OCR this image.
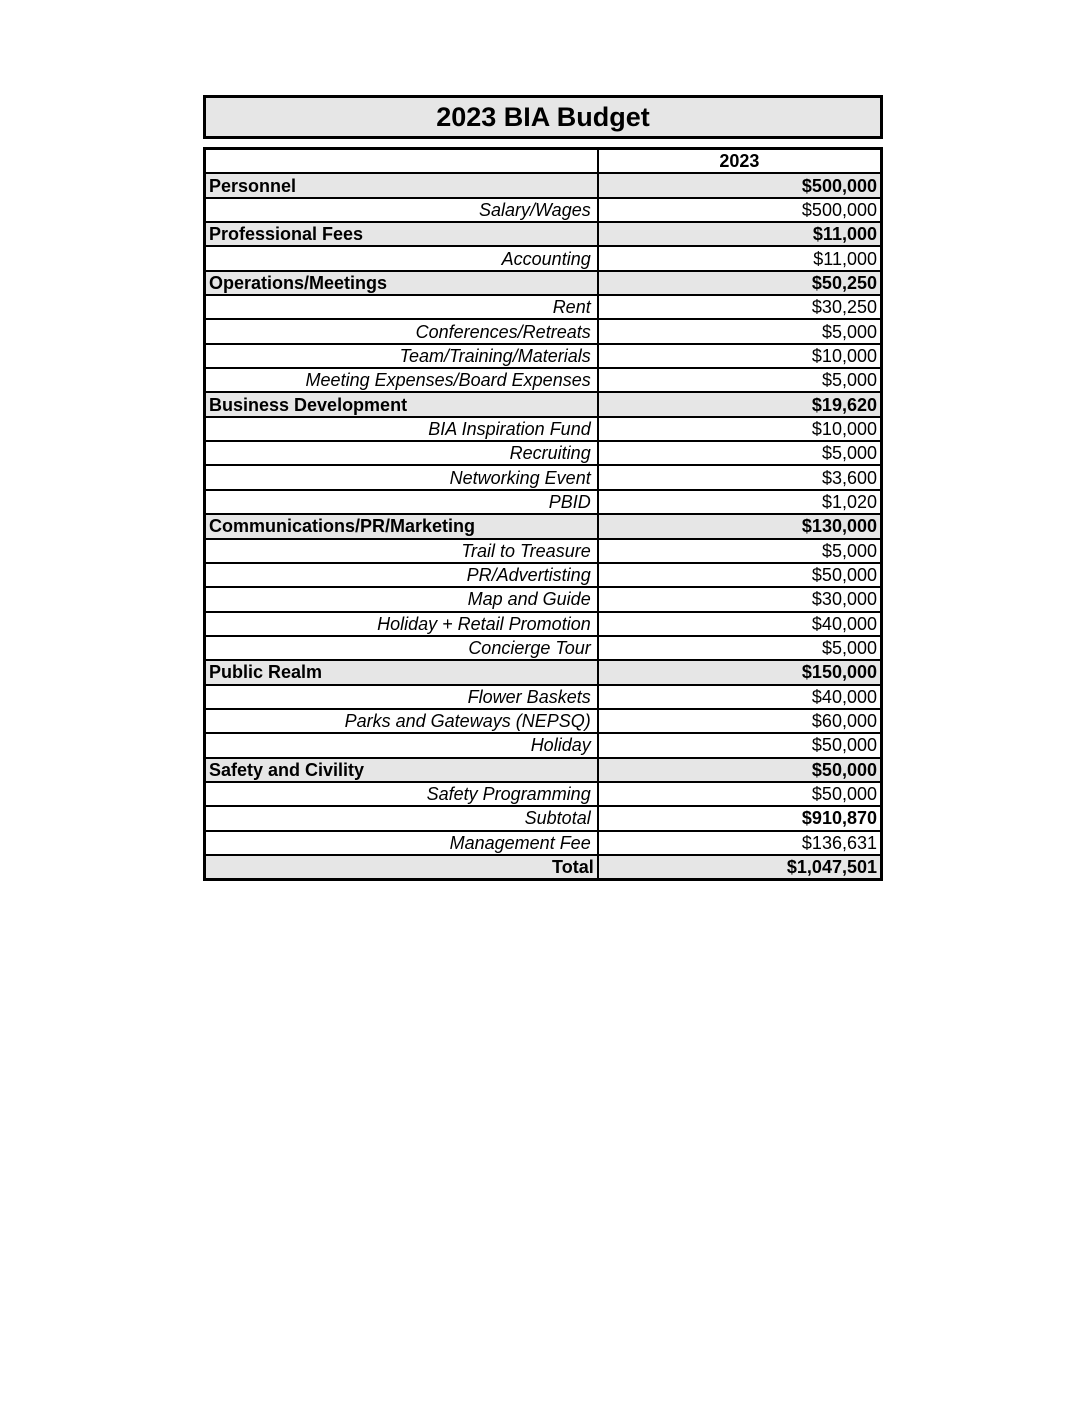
2023 BIA Budget
	2023
Personnel	$500,000
Salary/Wages	$500,000
Professional Fees	$11,000
Accounting	$11,000
Operations/Meetings	$50,250
Rent	$30,250
Conferences/Retreats	$5,000
Team/Training/Materials	$10,000
Meeting Expenses/Board Expenses	$5,000
Business Development	$19,620
BIA Inspiration Fund	$10,000
Recruiting	$5,000
Networking Event	$3,600
PBID	$1,020
Communications/PR/Marketing	$130,000
Trail to Treasure	$5,000
PR/Advertisting	$50,000
Map and Guide	$30,000
Holiday + Retail Promotion	$40,000
Concierge Tour	$5,000
Public Realm	$150,000
Flower Baskets	$40,000
Parks and Gateways (NEPSQ)	$60,000
Holiday	$50,000
Safety and Civility	$50,000
Safety Programming	$50,000
Subtotal	$910,870
Management Fee	$136,631
Total	$1,047,501
